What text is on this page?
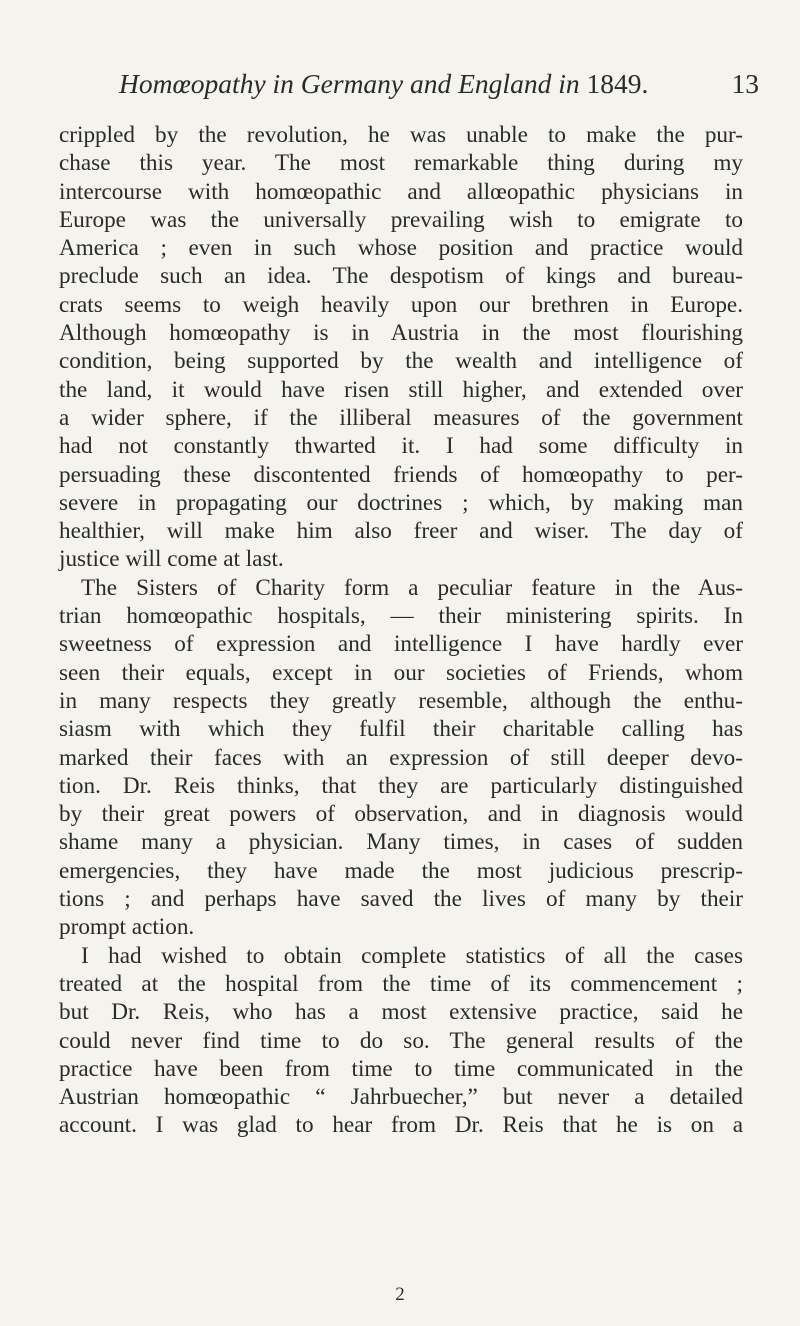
Homœopathy in Germany and England in 1849.	13
crippled by the revolution, he was unable to make the pur-
chase this year. The most remarkable thing during my
intercourse with homœopathic and allœopathic physicians in
Europe was the universally prevailing wish to emigrate to
America ; even in such whose position and practice would
preclude such an idea. The despotism of kings and bureau-
crats seems to weigh heavily upon our brethren in Europe.
Although homœopathy is in Austria in the most flourishing
condition, being supported by the wealth and intelligence of
the land, it would have risen still higher, and extended over
a wider sphere, if the illiberal measures of the government
had not constantly thwarted it. I had some difficulty in
persuading these discontented friends of homœopathy to per-
severe in propagating our doctrines ; which, by making man
healthier, will make him also freer and wiser. The day of
justice will come at last.
The Sisters of Charity form a peculiar feature in the Aus-
trian homœopathic hospitals, — their ministering spirits. In
sweetness of expression and intelligence I have hardly ever
seen their equals, except in our societies of Friends, whom
in many respects they greatly resemble, although the enthu-
siasm with which they fulfil their charitable calling has
marked their faces with an expression of still deeper devo-
tion. Dr. Reis thinks, that they are particularly distinguished
by their great powers of observation, and in diagnosis would
shame many a physician. Many times, in cases of sudden
emergencies, they have made the most judicious prescrip-
tions ; and perhaps have saved the lives of many by their
prompt action.
I had wished to obtain complete statistics of all the cases
treated at the hospital from the time of its commencement ;
but Dr. Reis, who has a most extensive practice, said he
could never find time to do so. The general results of the
practice have been from time to time communicated in the
Austrian homœopathic “ Jahrbuecher,” but never a detailed
account. I was glad to hear from Dr. Reis that he is on a
2
